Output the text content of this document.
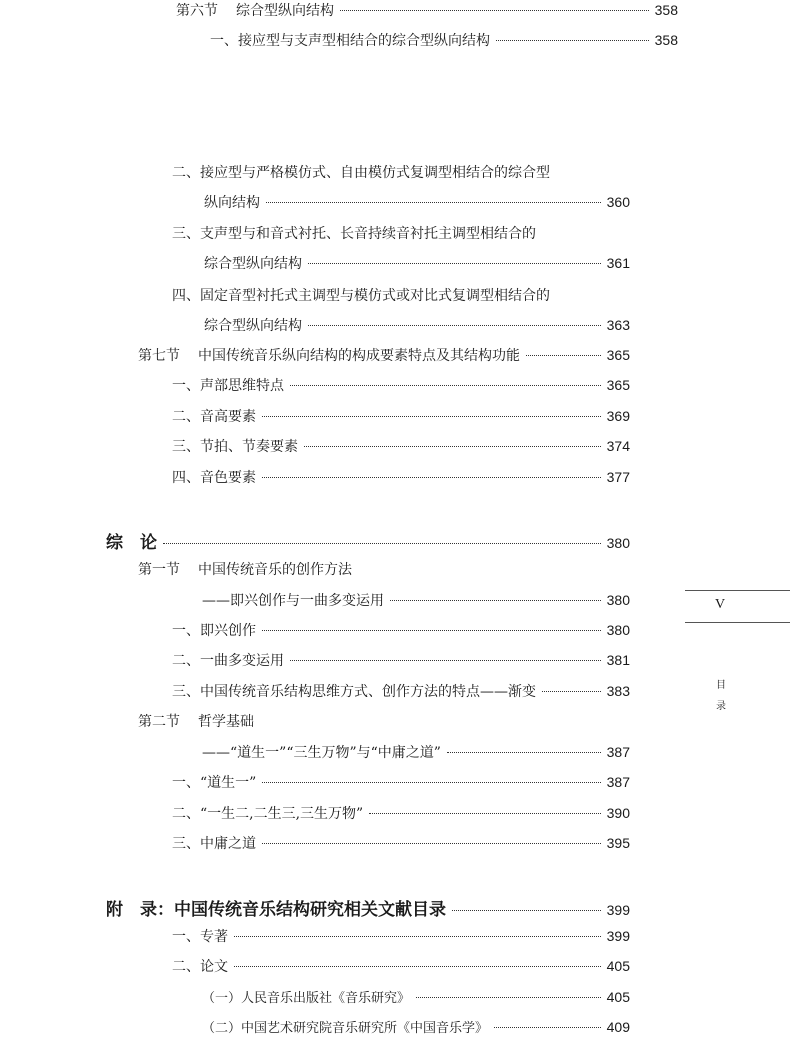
第六节 综合型纵向结构	358
一、接应型与支声型相结合的综合型纵向结构	358
二、接应型与严格模仿式、自由模仿式复调型相结合的综合型
纵向结构	360
三、支声型与和音式衬托、长音持续音衬托主调型相结合的
综合型纵向结构	361
四、固定音型衬托式主调型与模仿式或对比式复调型相结合的
综合型纵向结构	363
第七节 中国传统音乐纵向结构的构成要素特点及其结构功能	365
一、声部思维特点	365
二、音高要素	369
三、节拍、节奏要素	374
四、音色要素	377
综　论	380
第一节 中国传统音乐的创作方法
——即兴创作与一曲多变运用	380
一、即兴创作	380
二、一曲多变运用	381
三、中国传统音乐结构思维方式、创作方法的特点——渐变	383
第二节 哲学基础
——“道生一”“三生万物”与“中庸之道”	387
一、“道生一”	387
二、“一生二,二生三,三生万物”	390
三、中庸之道	395
附　录：中国传统音乐结构研究相关文献目录	399
一、专著	399
二、论文	405
（一）人民音乐出版社《音乐研究》	405
（二）中国艺术研究院音乐研究所《中国音乐学》	409
V
目
录
